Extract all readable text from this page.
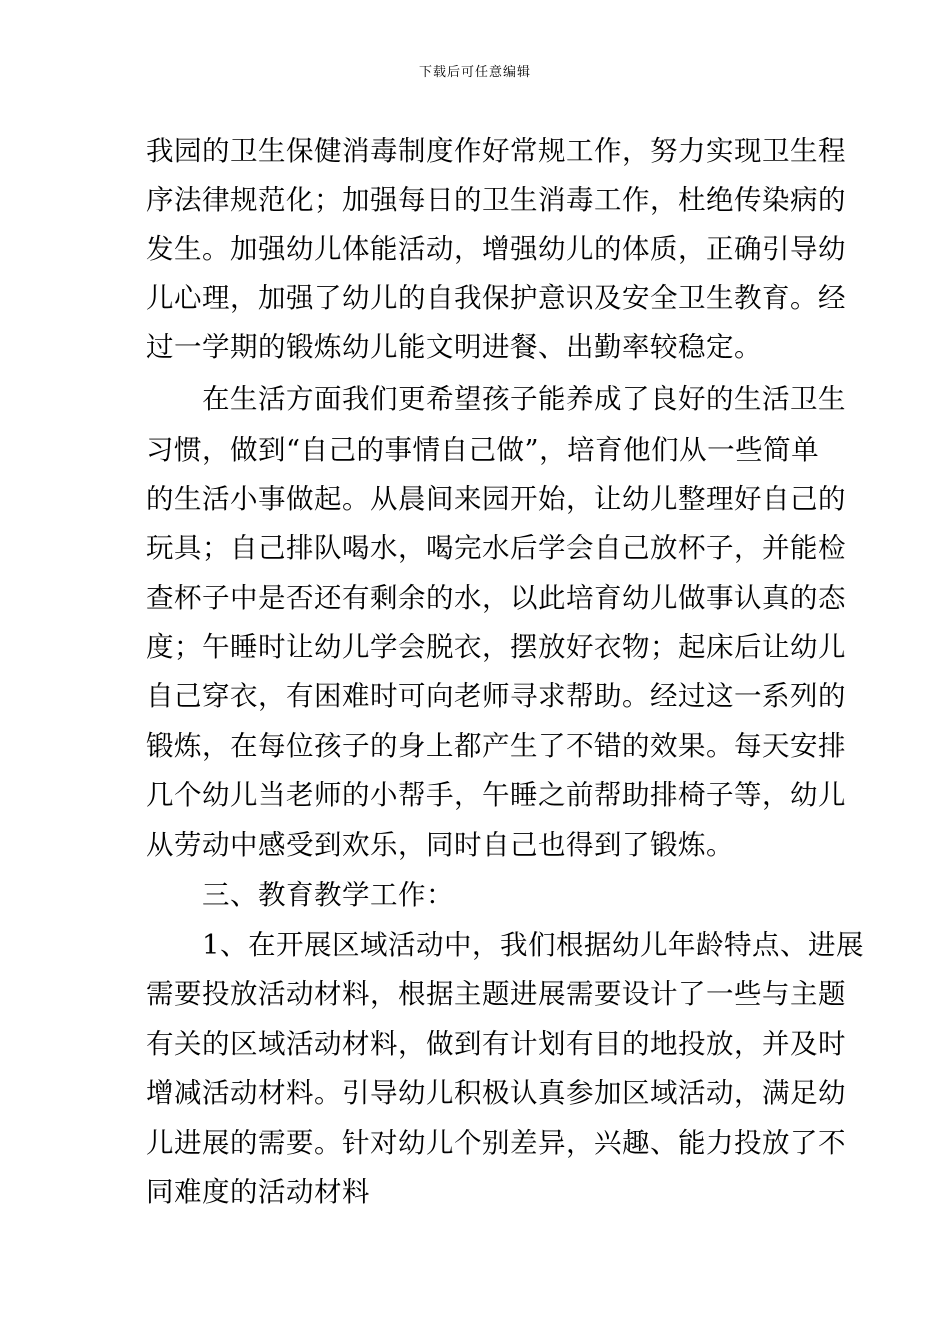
下载后可任意编辑

我园的卫生保健消毒制度作好常规工作，努力实现卫生程

序法律规范化；加强每日的卫生消毒工作，杜绝传染病的

发生。加强幼儿体能活动，增强幼儿的体质，正确引导幼

儿心理，加强了幼儿的自我保护意识及安全卫生教育。经

过一学期的锻炼幼儿能文明进餐、出勤率较稳定。

　　在生活方面我们更希望孩子能养成了良好的生活卫生

习惯，做到“自己的事情自己做”，培育他们从一些简单

的生活小事做起。从晨间来园开始，让幼儿整理好自己的

玩具；自己排队喝水，喝完水后学会自己放杯子，并能检

查杯子中是否还有剩余的水，以此培育幼儿做事认真的态

度；午睡时让幼儿学会脱衣，摆放好衣物；起床后让幼儿

自己穿衣，有困难时可向老师寻求帮助。经过这一系列的

锻炼，在每位孩子的身上都产生了不错的效果。每天安排

几个幼儿当老师的小帮手，午睡之前帮助排椅子等，幼儿

从劳动中感受到欢乐，同时自己也得到了锻炼。

　　三、教育教学工作：

　　1、在开展区域活动中，我们根据幼儿年龄特点、进展

需要投放活动材料，根据主题进展需要设计了一些与主题

有关的区域活动材料，做到有计划有目的地投放，并及时

增减活动材料。引导幼儿积极认真参加区域活动，满足幼

儿进展的需要。针对幼儿个别差异，兴趣、能力投放了不

同难度的活动材料
